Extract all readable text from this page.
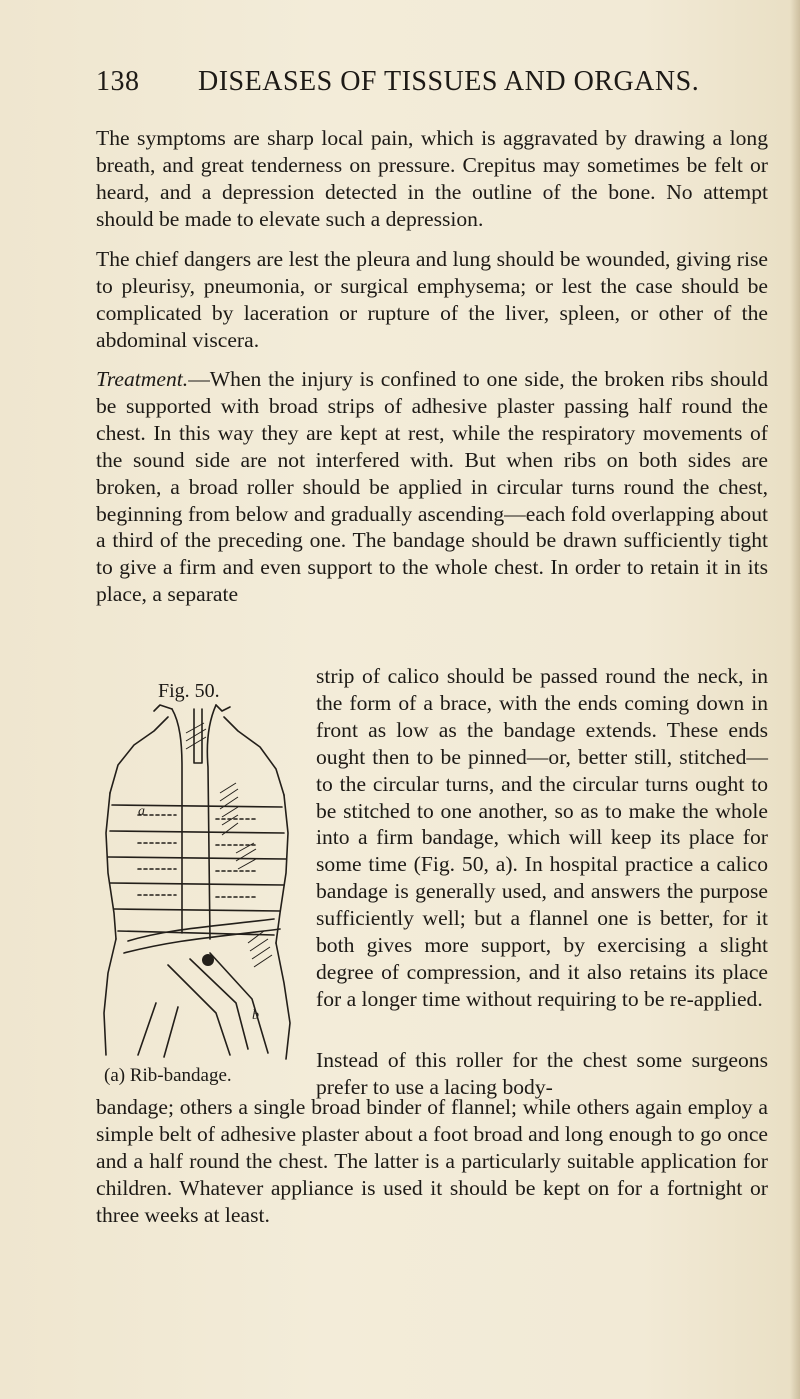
138 DISEASES OF TISSUES AND ORGANS.

The symptoms are sharp local pain, which is aggravated by drawing a long breath, and great tenderness on pressure. Crepitus may sometimes be felt or heard, and a depression detected in the outline of the bone. No attempt should be made to elevate such a depression.

The chief dangers are lest the pleura and lung should be wounded, giving rise to pleurisy, pneumonia, or surgical emphysema; or lest the case should be complicated by laceration or rupture of the liver, spleen, or other of the abdominal viscera.

Treatment.—When the injury is confined to one side, the broken ribs should be supported with broad strips of adhesive plaster passing half round the chest. In this way they are kept at rest, while the respiratory movements of the sound side are not interfered with. But when ribs on both sides are broken, a broad roller should be applied in circular turns round the chest, beginning from below and gradually ascending—each fold overlapping about a third of the preceding one. The bandage should be drawn sufficiently tight to give a firm and even support to the whole chest. In order to retain it in its place, a separate

Fig. 50.
a
b
(a) Rib-bandage.

strip of calico should be passed round the neck, in the form of a brace, with the ends coming down in front as low as the bandage extends. These ends ought then to be pinned—or, better still, stitched—to the circular turns, and the circular turns ought to be stitched to one another, so as to make the whole into a firm bandage, which will keep its place for some time (Fig. 50, a). In hospital practice a calico bandage is generally used, and answers the purpose sufficiently well; but a flannel one is better, for it both gives more support, by exercising a slight degree of compression, and it also retains its place for a longer time without requiring to be re-applied.

Instead of this roller for the chest some surgeons prefer to use a lacing body-

bandage; others a single broad binder of flannel; while others again employ a simple belt of adhesive plaster about a foot broad and long enough to go once and a half round the chest. The latter is a particularly suitable application for children. Whatever appliance is used it should be kept on for a fortnight or three weeks at least.
